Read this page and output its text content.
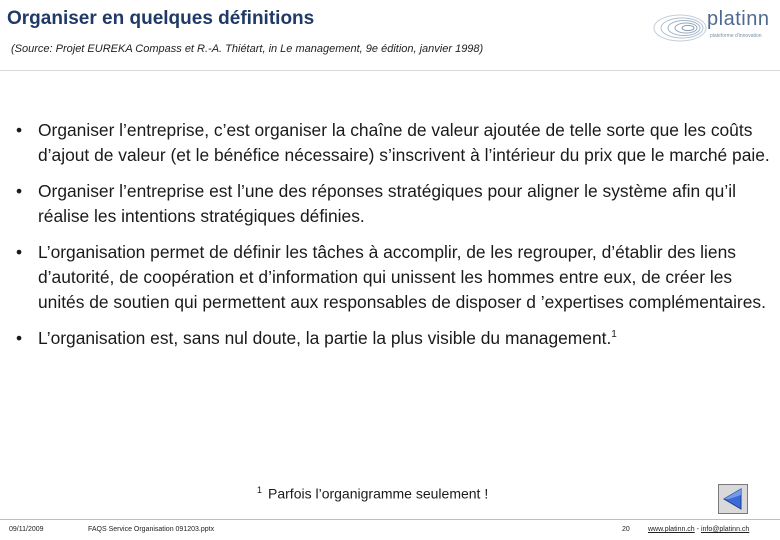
Organiser en quelques définitions
(Source: Projet EUREKA Compass et R.-A. Thiétart, in Le management, 9e édition, janvier 1998)
platinn
plateforme d'innovation
• Organiser l’entreprise, c’est organiser la chaîne de valeur ajoutée de telle sorte que les coûts d’ajout de valeur (et le bénéfice nécessaire) s’inscrivent à l’intérieur du prix que le marché paie.
• Organiser l’entreprise est l’une des réponses stratégiques pour aligner le système afin qu’il réalise les intentions stratégiques définies.
• L’organisation permet de définir les tâches à accomplir, de les regrouper, d’établir des liens d’autorité, de coopération et d’information qui unissent les hommes entre eux, de créer les unités de soutien qui permettent aux responsables de disposer d ’expertises complémentaires.
• L’organisation est, sans nul doute, la partie la plus visible du management.$^1$
$^1$ Parfois l’organigramme seulement !
09/11/2009	FAQS Service Organisation 091203.pptx	20	www.platinn.ch - info@platinn.ch
